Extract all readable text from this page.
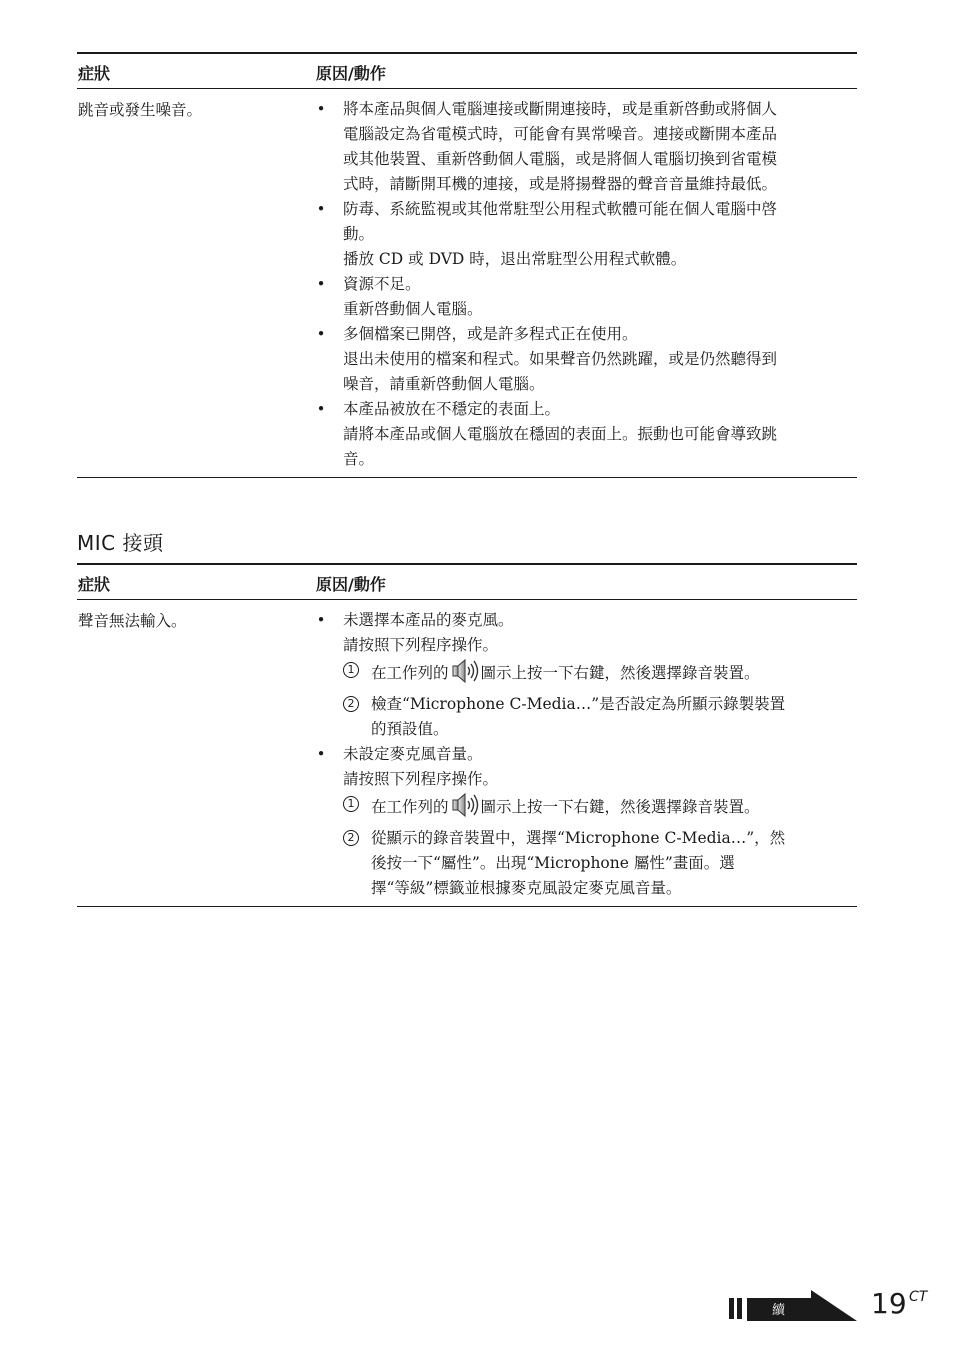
症狀	原因/動作
跳音或發生噪音。	• 將本產品與個人電腦連接或斷開連接時，或是重新啓動或將個人
電腦設定為省電模式時，可能會有異常噪音。連接或斷開本產品
或其他裝置、重新啓動個人電腦，或是將個人電腦切換到省電模
式時，請斷開耳機的連接，或是將揚聲器的聲音音量維持最低。
• 防毒、系統監視或其他常駐型公用程式軟體可能在個人電腦中啓
動。
播放 CD 或 DVD 時，退出常駐型公用程式軟體。
• 資源不足。
重新啓動個人電腦。
• 多個檔案已開啓，或是許多程式正在使用。
退出未使用的檔案和程式。如果聲音仍然跳躍，或是仍然聽得到
噪音，請重新啓動個人電腦。
• 本產品被放在不穩定的表面上。
請將本產品或個人電腦放在穩固的表面上。振動也可能會導致跳
音。
MIC 接頭
症狀	原因/動作
聲音無法輸入。	• 未選擇本產品的麥克風。
請按照下列程序操作。
1 在工作列的 圖示上按一下右鍵，然後選擇錄音裝置。
2 檢查“Microphone C-Media…”是否設定為所顯示錄製裝置
的預設值。
• 未設定麥克風音量。
請按照下列程序操作。
1 在工作列的 圖示上按一下右鍵，然後選擇錄音裝置。
2 從顯示的錄音裝置中，選擇“Microphone C-Media…”，然
後按一下“屬性”。出現“Microphone 屬性”畫面。選
擇“等級”標籤並根據麥克風設定麥克風音量。
續	19 CT
